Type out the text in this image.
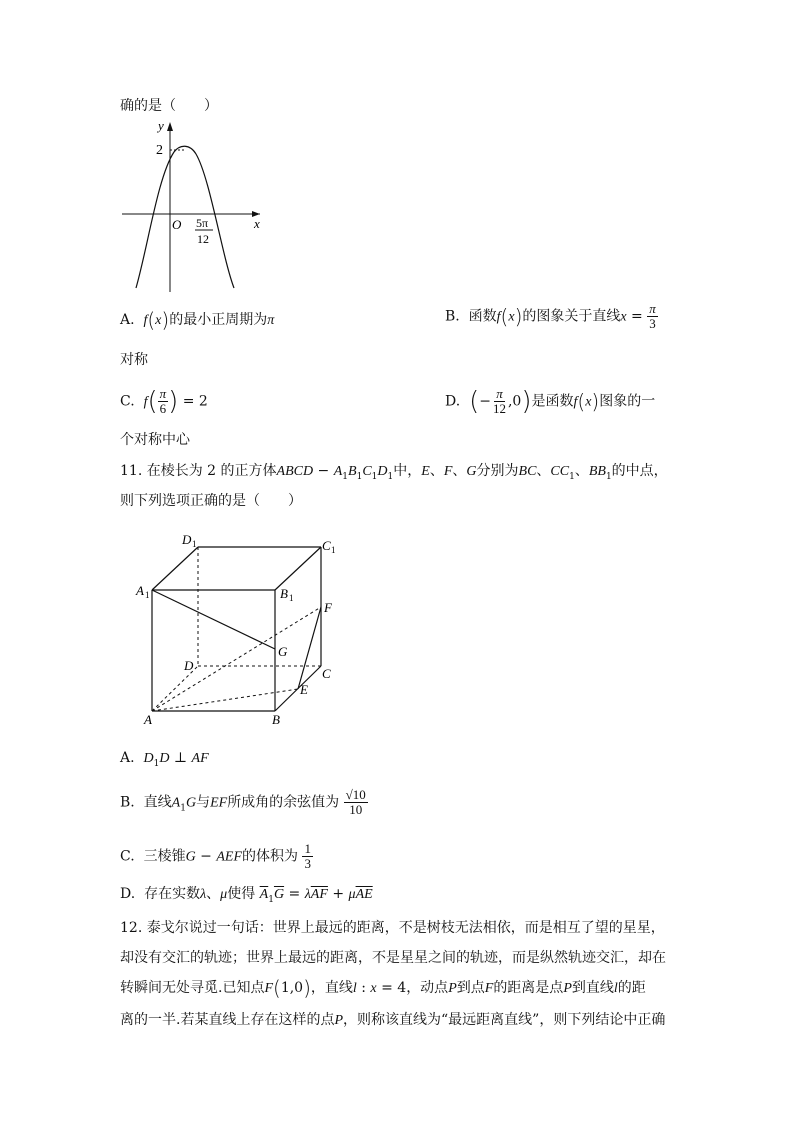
确的是（　　）
y
x
2
O 5π
12
A. f(x)的最小正周期为π	B. 函数f(x)的图象关于直线$x = \frac{\pi}{3}$
对称
C. $f( \frac{\pi}{6}$ ) = 2	D. (− $\frac{\pi}{12} ,0$)是函数f(x)图象的一
个对称中心
11. 在棱长为 2 的正方体ABCD − $A_1B_1C_1D_1$中，E、F、G分别为BC、$CC_1$、$BB_1$的中点，
则下列选项正确的是（　　）
D 1	C 1
A 1	B 1
F
G
D
C
E
A	B
A. $D_1D$ ⊥ AF
B. 直线$A_1G$与EF所成角的余弦值为 $\frac{√10}{10}$
C. 三棱锥G − AEF的体积为 $\frac{1}{3}$
D. 存在实数λ、μ使得 $\overline{A}_1\overline{G} = \lambda\overline{AF} + \mu\overline{AE}$
12. 泰戈尔说过一句话：世界上最远的距离，不是树枝无法相依，而是相互了望的星星，
却没有交汇的轨迹；世界上最远的距离，不是星星之间的轨迹，而是纵然轨迹交汇，却在
转瞬间无处寻觅.已知点F(1,0)，直线l : x = 4，动点P到点F的距离是点P到直线l的距
离的一半.若某直线上存在这样的点P，则称该直线为“最远距离直线”，则下列结论中正确
